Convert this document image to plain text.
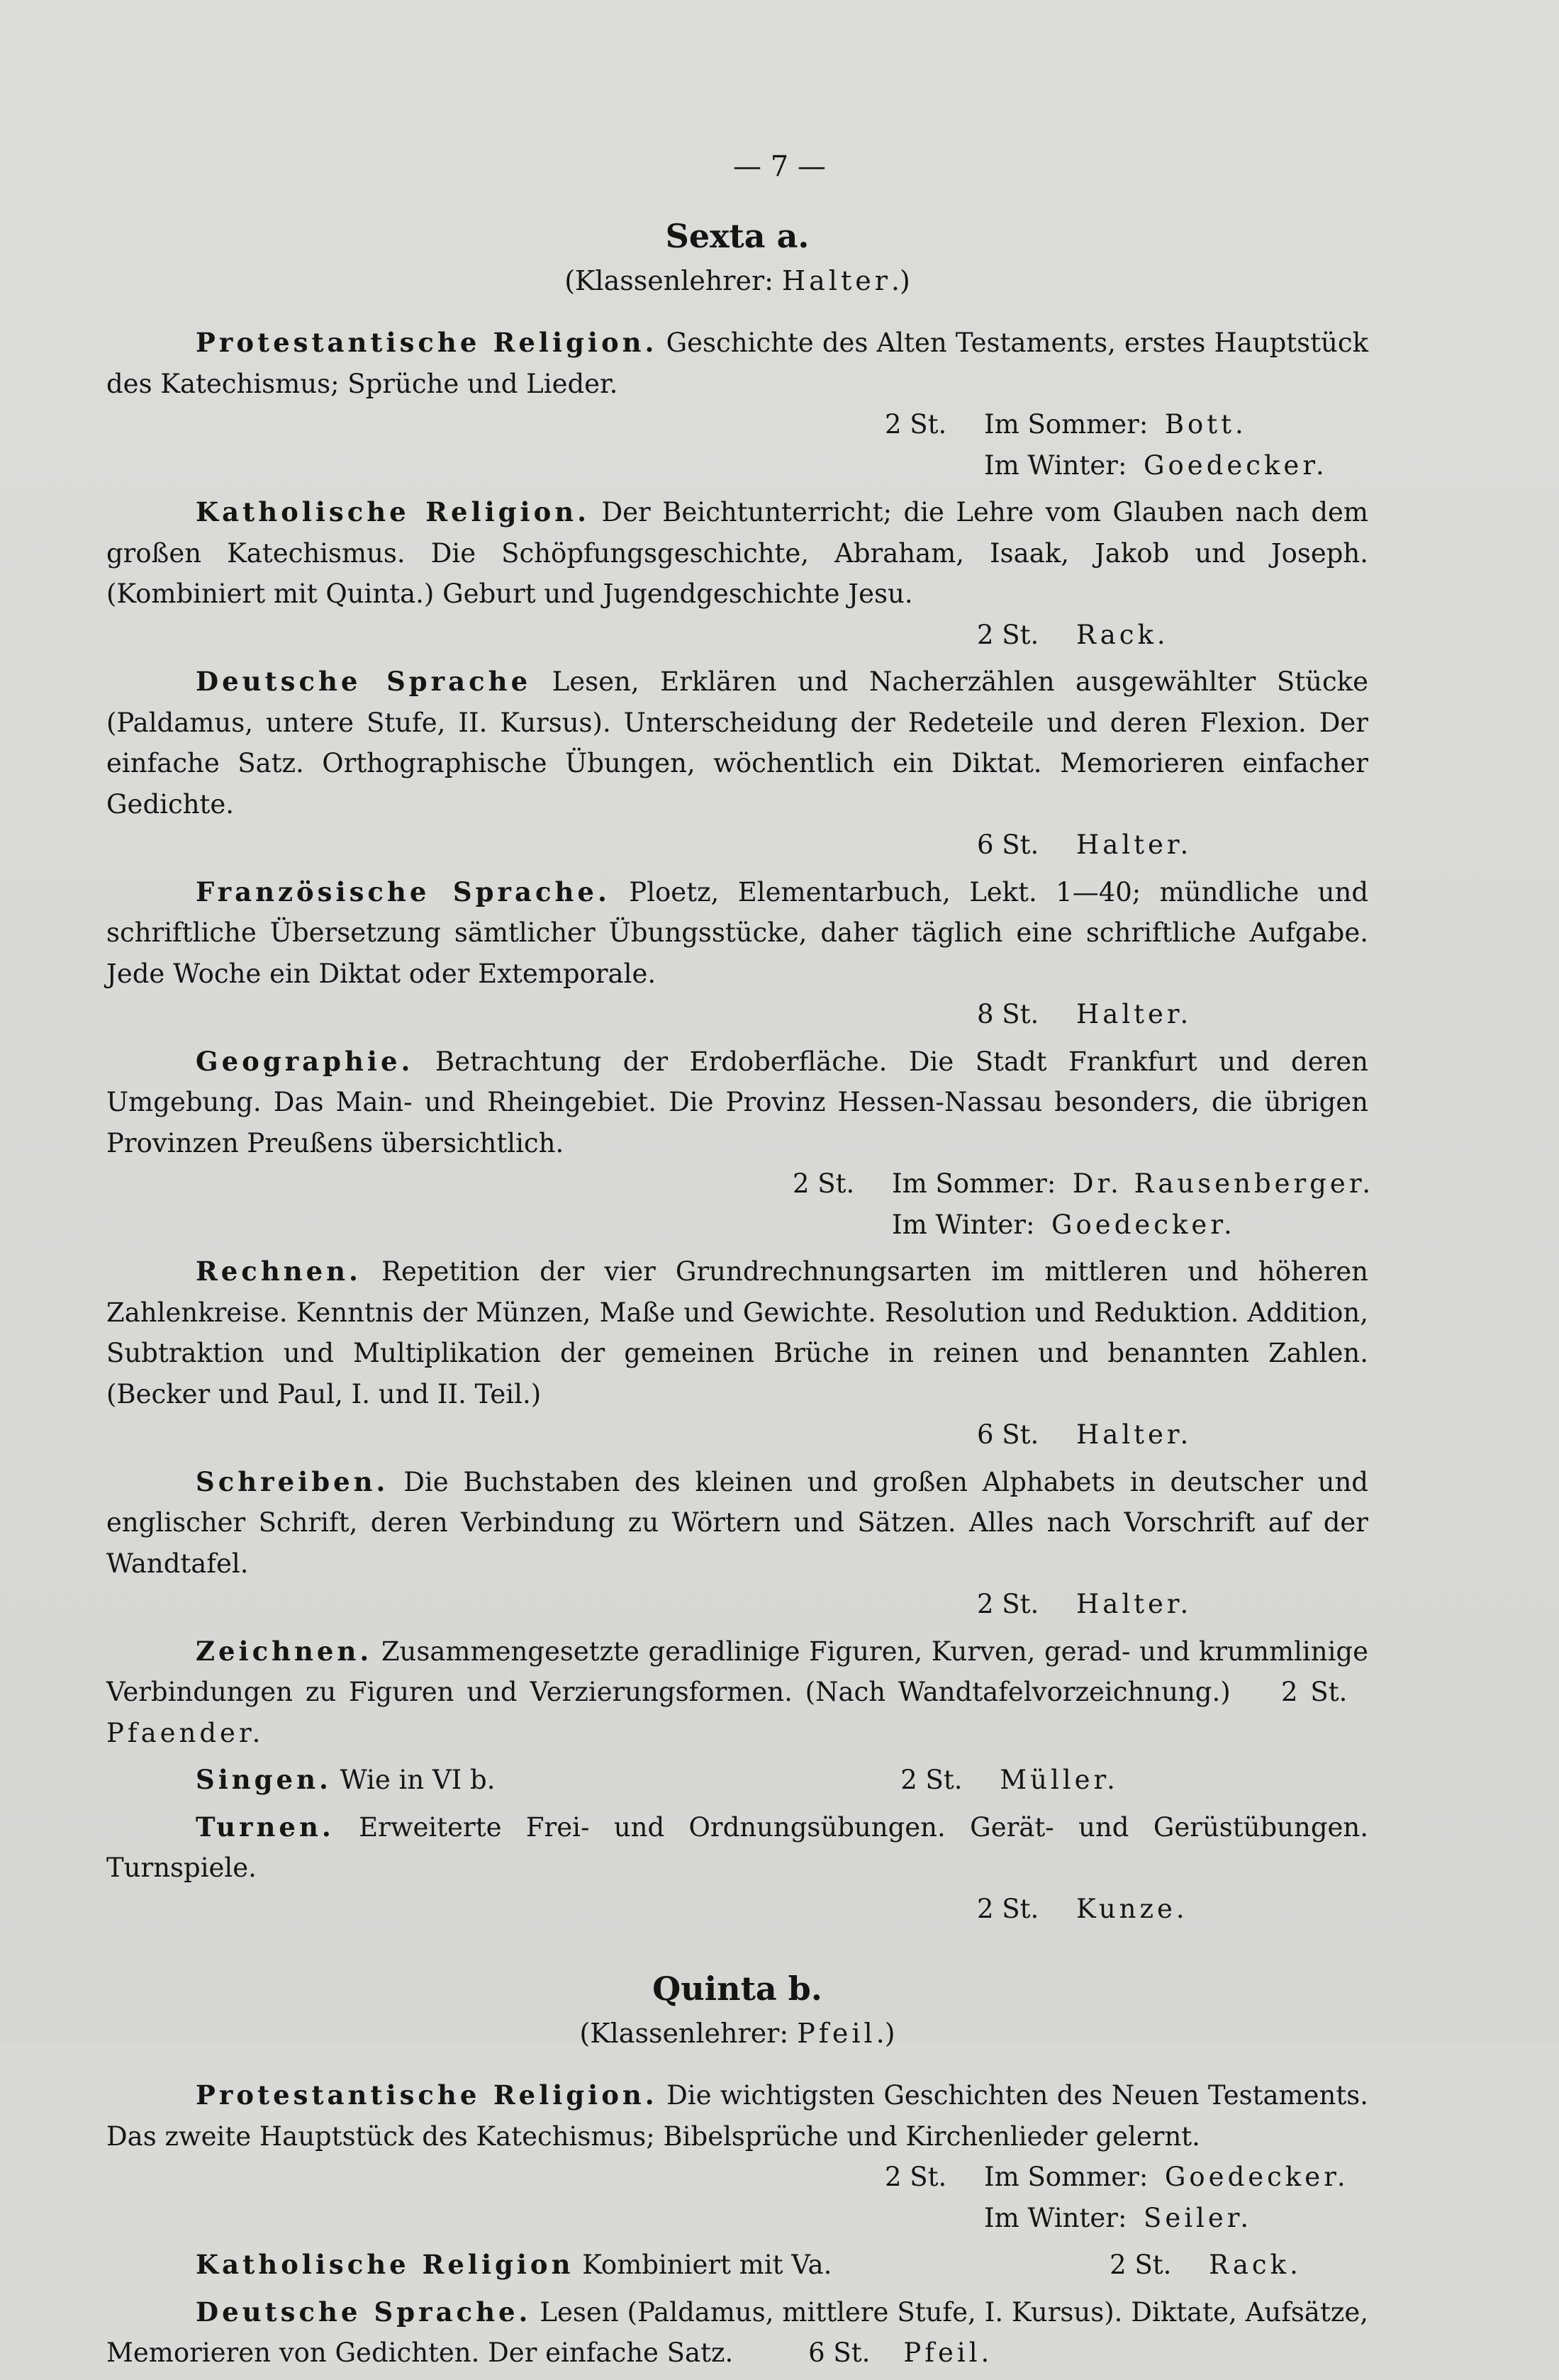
— 7 —
Sexta a.
(Klassenlehrer: Halter.)
Protestantische Religion. Geschichte des Alten Testaments, erstes Hauptstück des Katechismus; Sprüche und Lieder.
2 St. Im Sommer: Bott.
Im Winter: Goedecker.
Katholische Religion. Der Beichtunterricht; die Lehre vom Glauben nach dem großen Katechismus. Die Schöpfungsgeschichte, Abraham, Isaak, Jakob und Joseph. (Kombiniert mit Quinta.) Geburt und Jugendgeschichte Jesu.
2 St. Rack.
Deutsche Sprache Lesen, Erklären und Nacherzählen ausgewählter Stücke (Paldamus, untere Stufe, II. Kursus). Unterscheidung der Redeteile und deren Flexion. Der einfache Satz. Orthographische Übungen, wöchentlich ein Diktat. Memorieren einfacher Gedichte.
6 St. Halter.
Französische Sprache. Ploetz, Elementarbuch, Lekt. 1—40; mündliche und schriftliche Übersetzung sämtlicher Übungsstücke, daher täglich eine schriftliche Aufgabe. Jede Woche ein Diktat oder Extemporale.
8 St. Halter.
Geographie. Betrachtung der Erdoberfläche. Die Stadt Frankfurt und deren Umgebung. Das Main- und Rheingebiet. Die Provinz Hessen-Nassau besonders, die übrigen Provinzen Preußens übersichtlich.
2 St. Im Sommer: Dr. Rausenberger.
Im Winter: Goedecker.
Rechnen. Repetition der vier Grundrechnungsarten im mittleren und höheren Zahlenkreise. Kenntnis der Münzen, Maße und Gewichte. Resolution und Reduktion. Addition, Subtraktion und Multiplikation der gemeinen Brüche in reinen und benannten Zahlen. (Becker und Paul, I. und II. Teil.)
6 St. Halter.
Schreiben. Die Buchstaben des kleinen und großen Alphabets in deutscher und englischer Schrift, deren Verbindung zu Wörtern und Sätzen. Alles nach Vorschrift auf der Wandtafel.
2 St. Halter.
Zeichnen. Zusammengesetzte geradlinige Figuren, Kurven, gerad- und krummlinige Verbindungen zu Figuren und Verzierungsformen. (Nach Wandtafelvorzeichnung.) 2 St.   Pfaender.
Singen. Wie in VI b.	2 St. Müller.
Turnen. Erweiterte Frei- und Ordnungsübungen. Gerät- und Gerüstübungen. Turnspiele.
2 St. Kunze.
Quinta b.
(Klassenlehrer: Pfeil.)
Protestantische Religion. Die wichtigsten Geschichten des Neuen Testaments. Das zweite Hauptstück des Katechismus; Bibelsprüche und Kirchenlieder gelernt.
2 St. Im Sommer: Goedecker.
Im Winter: Seiler.
Katholische Religion Kombiniert mit Va.	2 St. Rack.
Deutsche Sprache. Lesen (Paldamus, mittlere Stufe, I. Kursus). Diktate, Aufsätze, Memorieren von Gedichten. Der einfache Satz.	6 St. Pfeil.
